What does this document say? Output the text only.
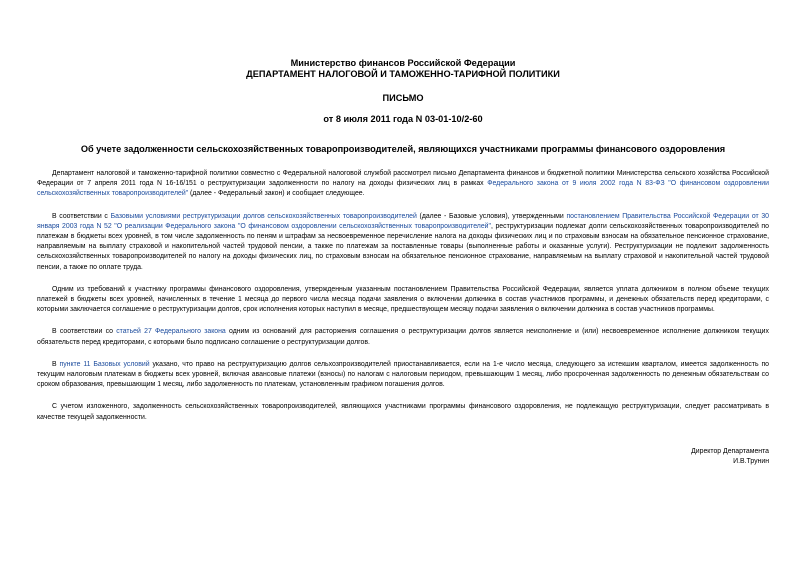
Министерство финансов Российской Федерации
ДЕПАРТАМЕНТ НАЛОГОВОЙ И ТАМОЖЕННО-ТАРИФНОЙ ПОЛИТИКИ
ПИСЬМО
от 8 июля 2011 года N 03-01-10/2-60
Об учете задолженности сельскохозяйственных товаропроизводителей, являющихся участниками программы финансового оздоровления

Департамент налоговой и таможенно-тарифной политики совместно с Федеральной налоговой службой рассмотрел письмо Департамента финансов и бюджетной политики Министерства сельского хозяйства Российской Федерации от 7 апреля 2011 года N 16-16/151 о реструктуризации задолженности по налогу на доходы физических лиц в рамках Федерального закона от 9 июля 2002 года N 83-ФЗ "О финансовом оздоровлении сельскохозяйственных товаропроизводителей" (далее - Федеральный закон) и сообщает следующее.

В соответствии с Базовыми условиями реструктуризации долгов сельскохозяйственных товаропроизводителей (далее - Базовые условия), утвержденными постановлением Правительства Российской Федерации от 30 января 2003 года N 52 "О реализации Федерального закона "О финансовом оздоровлении сельскохозяйственных товаропроизводителей", реструктуризации подлежат долги сельскохозяйственных товаропроизводителей по платежам в бюджеты всех уровней, в том числе задолженность по пеням и штрафам за несвоевременное перечисление налога на доходы физических лиц и по страховым взносам на обязательное пенсионное страхование, направляемым на выплату страховой и накопительной частей трудовой пенсии, а также по платежам за поставленные товары (выполненные работы и оказанные услуги). Реструктуризации не подлежит задолженность сельскохозяйственных товаропроизводителей по налогу на доходы физических лиц, по страховым взносам на обязательное пенсионное страхование, направляемым на выплату страховой и накопительной частей трудовой пенсии, а также по оплате труда.

Одним из требований к участнику программы финансового оздоровления, утвержденным указанным постановлением Правительства Российской Федерации, является уплата должником в полном объеме текущих платежей в бюджеты всех уровней, начисленных в течение 1 месяца до первого числа месяца подачи заявления о включении должника в состав участников программы, и денежных обязательств перед кредиторами, с которыми заключается соглашение о реструктуризации долгов, срок исполнения которых наступил в месяце, предшествующем месяцу подачи заявления о включении должника в состав участников программы.

В соответствии со статьей 27 Федерального закона одним из оснований для расторжения соглашения о реструктуризации долгов является неисполнение и (или) несвоевременное исполнение должником текущих обязательств перед кредиторами, с которыми было подписано соглашение о реструктуризации долгов.

В пункте 11 Базовых условий указано, что право на реструктуризацию долгов сельхозпроизводителей приостанавливается, если на 1-е число месяца, следующего за истекшим кварталом, имеется задолженность по текущим налоговым платежам в бюджеты всех уровней, включая авансовые платежи (взносы) по налогам с налоговым периодом, превышающим 1 месяц, либо просроченная задолженность по денежным обязательствам со сроком образования, превышающим 1 месяц, либо задолженность по платежам, установленным графиком погашения долгов.

С учетом изложенного, задолженность сельскохозяйственных товаропроизводителей, являющихся участниками программы финансового оздоровления, не подлежащую реструктуризации, следует рассматривать в качестве текущей задолженности.

Директор Департамента
И.В.Трунин
